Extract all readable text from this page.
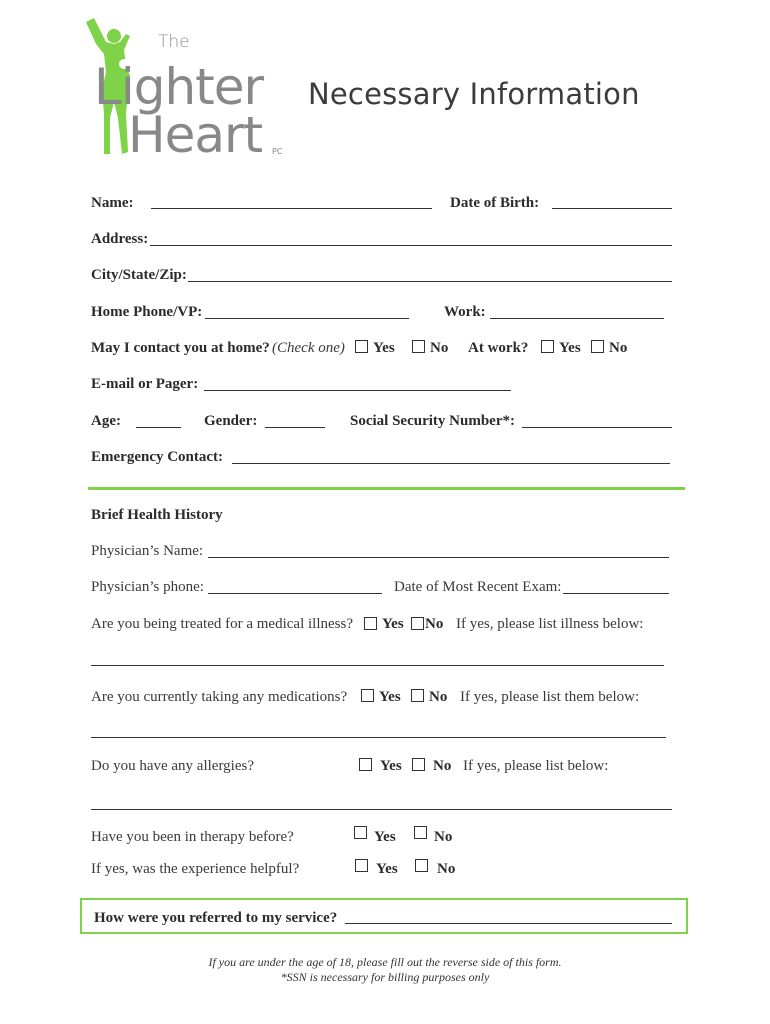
The
Lighter
Heart PC
Necessary Information
Name:	Date of Birth:
Address:
City/State/Zip:
Home Phone/VP:	Work:
May I contact you at home? (Check one) Yes No At work? Yes No
E-mail or Pager:
Age:	Gender:	Social Security Number*:
Emergency Contact:
Brief Health History
Physician’s Name:
Physician’s phone:	Date of Most Recent Exam:
Are you being treated for a medical illness? Yes No If yes, please list illness below:
Are you currently taking any medications? Yes No If yes, please list them below:
Do you have any allergies?	Yes No If yes, please list below:
Have you been in therapy before?	Yes	No
If yes, was the experience helpful?	Yes	No
How were you referred to my service?
If you are under the age of 18, please fill out the reverse side of this form.
*SSN is necessary for billing purposes only
